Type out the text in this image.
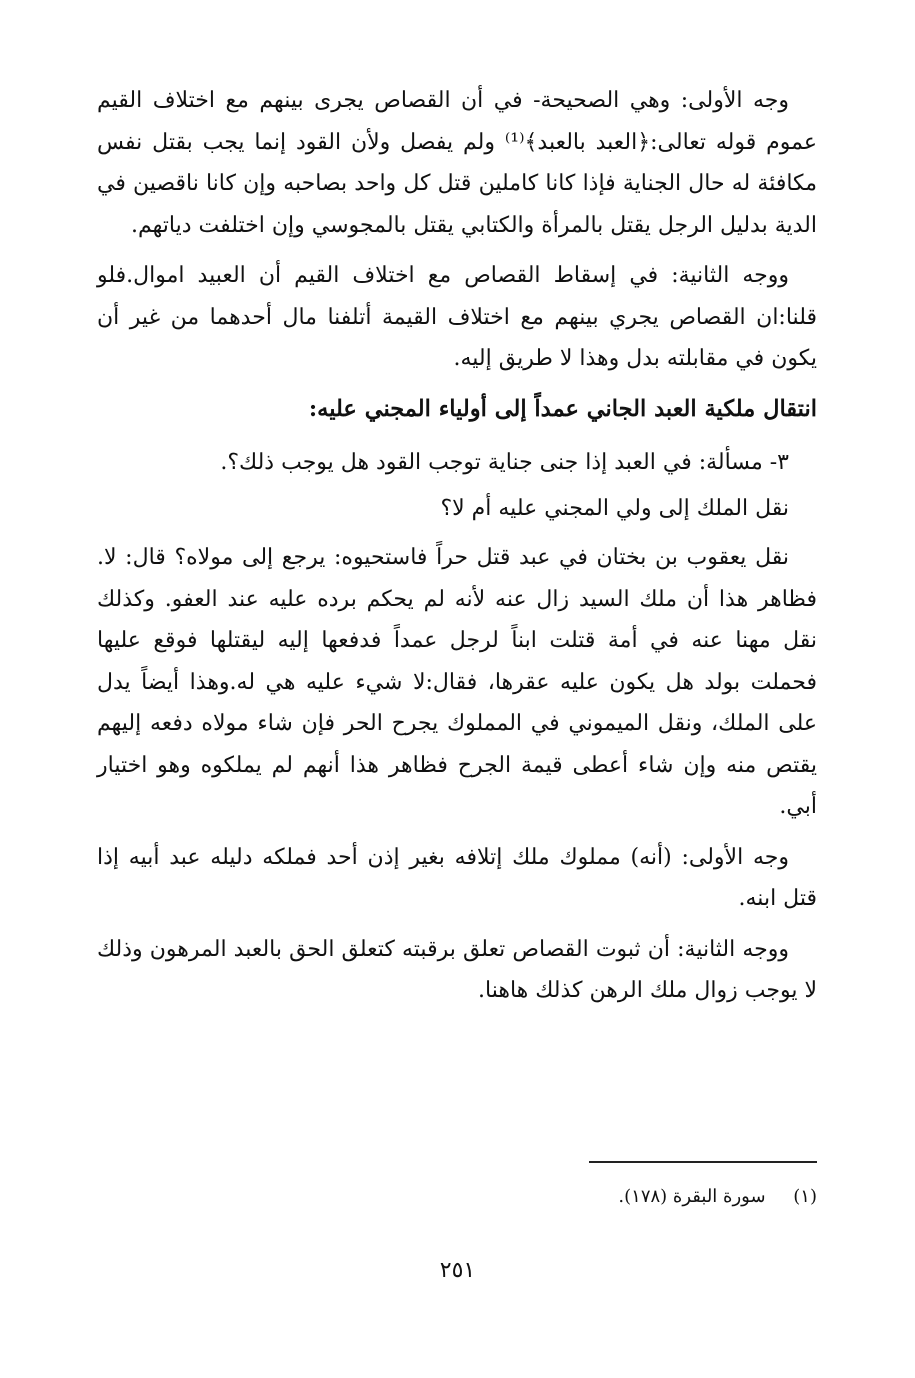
وجه الأولى: وهي الصحيحة- في أن القصاص يجرى بينهم مع اختلاف القيم عموم قوله تعالى:﴿العبد بالعبد﴾⁽¹⁾ ولم يفصل ولأن القود إنما يجب بقتل نفس مكافئة له حال الجناية فإذا كانا كاملين قتل كل واحد بصاحبه وإن كانا ناقصين في الدية بدليل الرجل يقتل بالمرأة والكتابي يقتل بالمجوسي وإن اختلفت دياتهم.

ووجه الثانية: في إسقاط القصاص مع اختلاف القيم أن العبيد اموال.فلو قلنا:ان القصاص يجري بينهم مع اختلاف القيمة أتلفنا مال أحدهما من غير أن يكون في مقابلته بدل وهذا لا طريق إليه.

انتقال ملكية العبد الجاني عمداً إلى أولياء المجني عليه:

٣- مسألة: في العبد إذا جنى جناية توجب القود هل يوجب ذلك؟.

نقل الملك إلى ولي المجني عليه أم لا؟

نقل يعقوب بن بختان في عبد قتل حراً فاستحيوه: يرجع إلى مولاه؟ قال: لا. فظاهر هذا أن ملك السيد زال عنه لأنه لم يحكم برده عليه عند العفو. وكذلك نقل مهنا عنه في أمة قتلت ابناً لرجل عمداً فدفعها إليه ليقتلها فوقع عليها فحملت بولد هل يكون عليه عقرها، فقال:لا شيء عليه هي له.وهذا أيضاً يدل على الملك، ونقل الميموني في المملوك يجرح الحر فإن شاء مولاه دفعه إليهم يقتص منه وإن شاء أعطى قيمة الجرح فظاهر هذا أنهم لم يملكوه وهو اختيار أبي.

وجه الأولى: (أنه) مملوك ملك إتلافه بغير إذن أحد فملكه دليله عبد أبيه إذا قتل ابنه.

ووجه الثانية: أن ثبوت القصاص تعلق برقبته كتعلق الحق بالعبد المرهون وذلك لا يوجب زوال ملك الرهن كذلك هاهنا.

(١) سورة البقرة (١٧٨).
٢٥١
